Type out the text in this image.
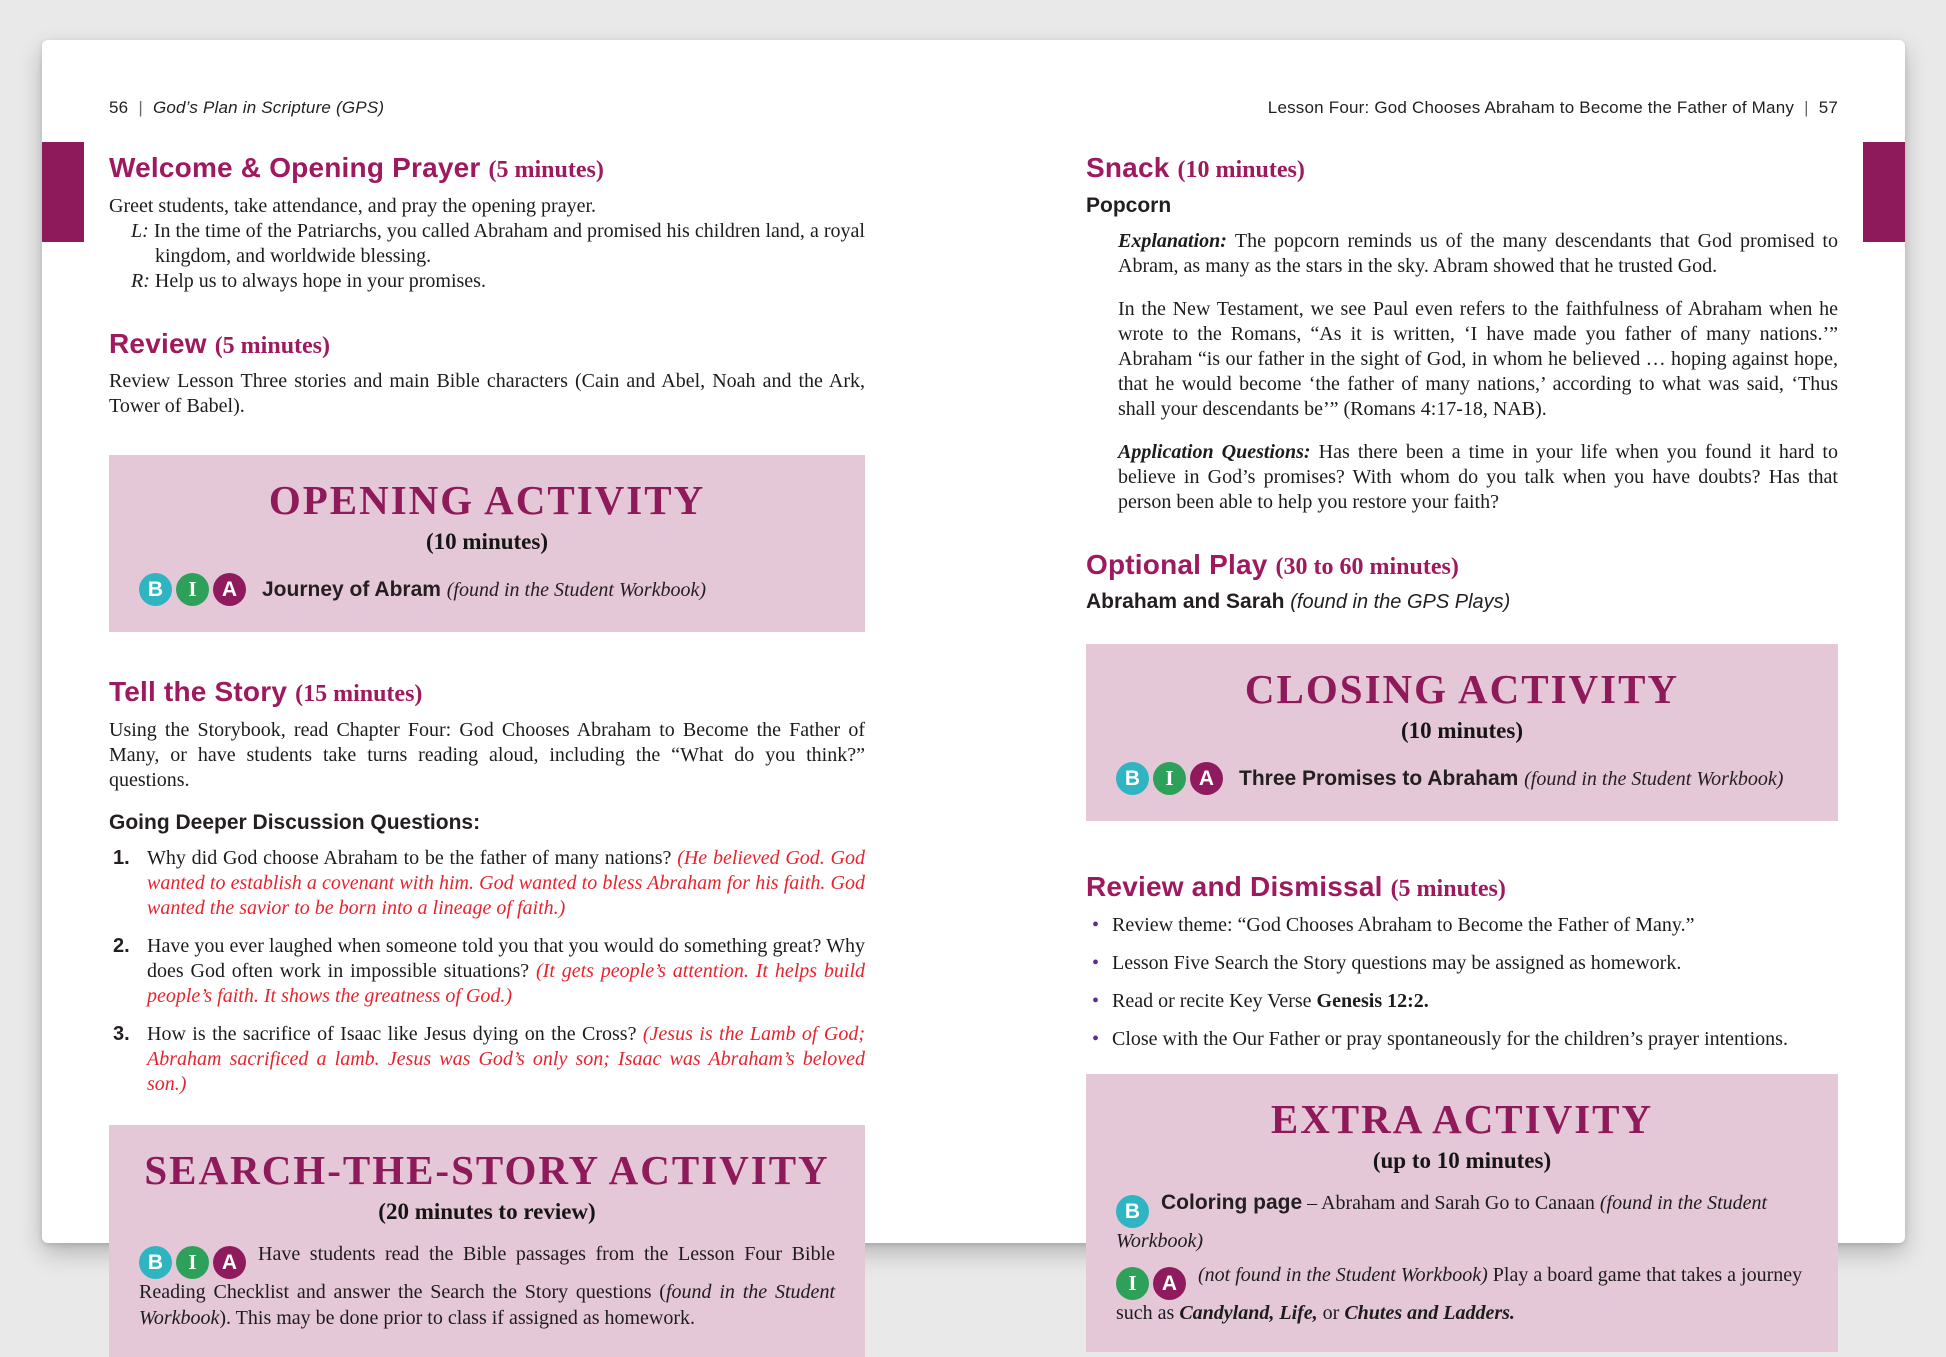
56 | God’s Plan in Scripture (GPS)	Lesson Four: God Chooses Abraham to Become the Father of Many | 57
Welcome & Opening Prayer (5 minutes)

Greet students, take attendance, and pray the opening prayer.

L: In the time of the Patriarchs, you called Abraham and promised his children land, a royal kingdom, and worldwide blessing.

R: Help us to always hope in your promises.

Review (5 minutes)

Review Lesson Three stories and main Bible characters (Cain and Abel, Noah and the Ark, Tower of Babel).

OPENING ACTIVITY
(10 minutes)
B	I	A	Journey of Abram (found in the Student Workbook)
Tell the Story (15 minutes)

Using the Storybook, read Chapter Four: God Chooses Abraham to Become the Father of Many, or have students take turns reading aloud, including the “What do you think?” questions.

Going Deeper Discussion Questions:
1. Why did God choose Abraham to be the father of many nations? (He believed God. God wanted to establish a covenant with him. God wanted to bless Abraham for his faith. God wanted the savior to be born into a lineage of faith.)
2. Have you ever laughed when someone told you that you would do something great? Why does God often work in impossible situations? (It gets people’s attention. It helps build people’s faith. It shows the greatness of God.)
3. How is the sacrifice of Isaac like Jesus dying on the Cross? (Jesus is the Lamb of God; Abraham sacrificed a lamb. Jesus was God’s only son; Isaac was Abraham’s beloved son.)
SEARCH-THE-STORY ACTIVITY
(20 minutes to review)

B	I	A	Have students read the Bible passages from the Lesson Four Bible Reading Checklist and answer the Search the Story questions (found in the Student Workbook). This may be done prior to class if assigned as homework.

Snack (10 minutes)
Popcorn

Explanation: The popcorn reminds us of the many descendants that God promised to Abram, as many as the stars in the sky. Abram showed that he trusted God.

In the New Testament, we see Paul even refers to the faithfulness of Abraham when he wrote to the Romans, “As it is written, ‘I have made you father of many nations.’” Abraham “is our father in the sight of God, in whom he believed … hoping against hope, that he would become ‘the father of many nations,’ according to what was said, ‘Thus shall your descendants be’” (Romans 4:17-18, NAB).

Application Questions: Has there been a time in your life when you found it hard to believe in God’s promises? With whom do you talk when you have doubts? Has that person been able to help you restore your faith?

Optional Play (30 to 60 minutes)

Abraham and Sarah (found in the GPS Plays)

CLOSING ACTIVITY
(10 minutes)
B	I	A	Three Promises to Abraham (found in the Student Workbook)
Review and Dismissal (5 minutes)
• Review theme: “God Chooses Abraham to Become the Father of Many.”
• Lesson Five Search the Story questions may be assigned as homework.
• Read or recite Key Verse Genesis 12:2.
• Close with the Our Father or pray spontaneously for the children’s prayer intentions.
EXTRA ACTIVITY
(up to 10 minutes)

B Coloring page – Abraham and Sarah Go to Canaan (found in the Student Workbook)

I	A	(not found in the Student Workbook) Play a board game that takes a journey such as Candyland, Life, or Chutes and Ladders.
